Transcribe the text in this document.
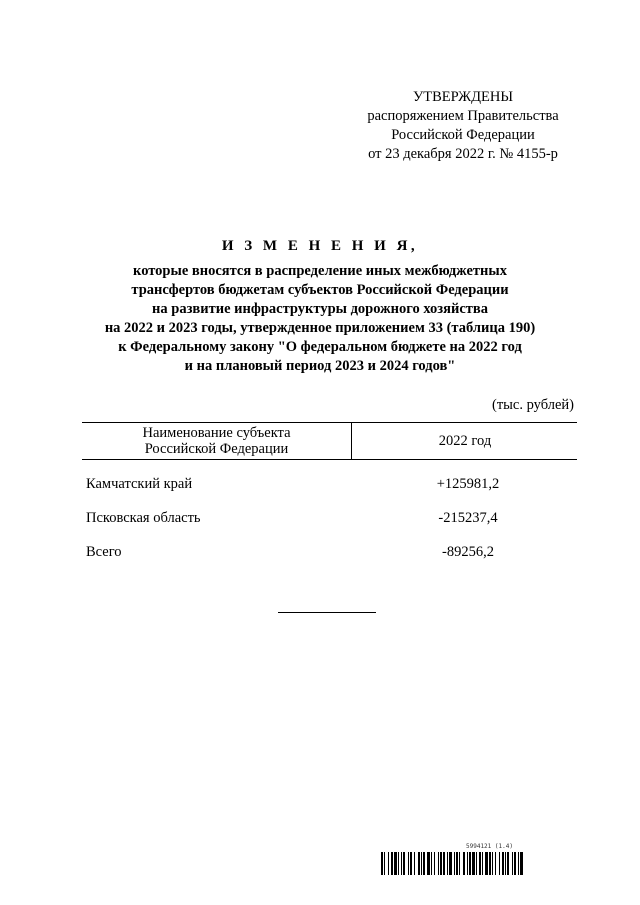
УТВЕРЖДЕНЫ
распоряжением Правительства
Российской Федерации
от 23 декабря 2022 г. № 4155-р
И З М Е Н Е Н И Я,
которые вносятся в распределение иных межбюджетных
трансфертов бюджетам субъектов Российской Федерации
на развитие инфраструктуры дорожного хозяйства
на 2022 и 2023 годы, утвержденное приложением 33 (таблица 190)
к Федеральному закону "О федеральном бюджете на 2022 год
и на плановый период 2023 и 2024 годов"
(тыс. рублей)
Наименование субъекта
Российской Федерации	2022 год
Камчатский край	+125981,2
Псковская область	-215237,4
Всего	-89256,2
5994121 (1.4)
